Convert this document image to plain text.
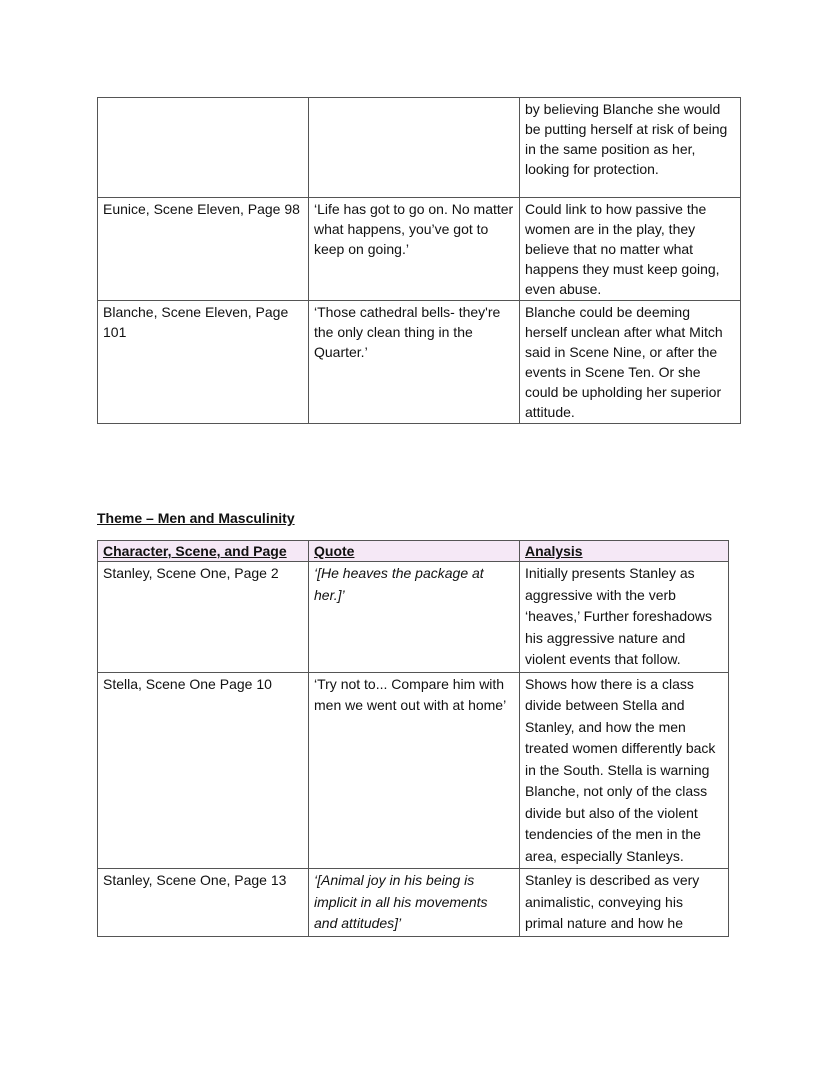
		by believing Blanche she would be putting herself at risk of being in the same position as her, looking for protection.
Eunice, Scene Eleven, Page 98	‘Life has got to go on. No matter what happens, you’ve got to keep on going.’	Could link to how passive the women are in the play, they believe that no matter what happens they must keep going, even abuse.
Blanche, Scene Eleven, Page 101	‘Those cathedral bells- they're the only clean thing in the Quarter.’	Blanche could be deeming herself unclean after what Mitch said in Scene Nine, or after the events in Scene Ten. Or she could be upholding her superior attitude.
Theme – Men and Masculinity
Character, Scene, and Page	Quote	Analysis
Stanley, Scene One, Page 2	‘[He heaves the package at her.]’	Initially presents Stanley as aggressive with the verb ‘heaves,’ Further foreshadows his aggressive nature and violent events that follow.
Stella, Scene One Page 10	‘Try not to... Compare him with men we went out with at home’	Shows how there is a class divide between Stella and Stanley, and how the men treated women differently back in the South. Stella is warning Blanche, not only of the class divide but also of the violent tendencies of the men in the area, especially Stanleys.
Stanley, Scene One, Page 13	‘[Animal joy in his being is implicit in all his movements and attitudes]’	Stanley is described as very animalistic, conveying his primal nature and how he
